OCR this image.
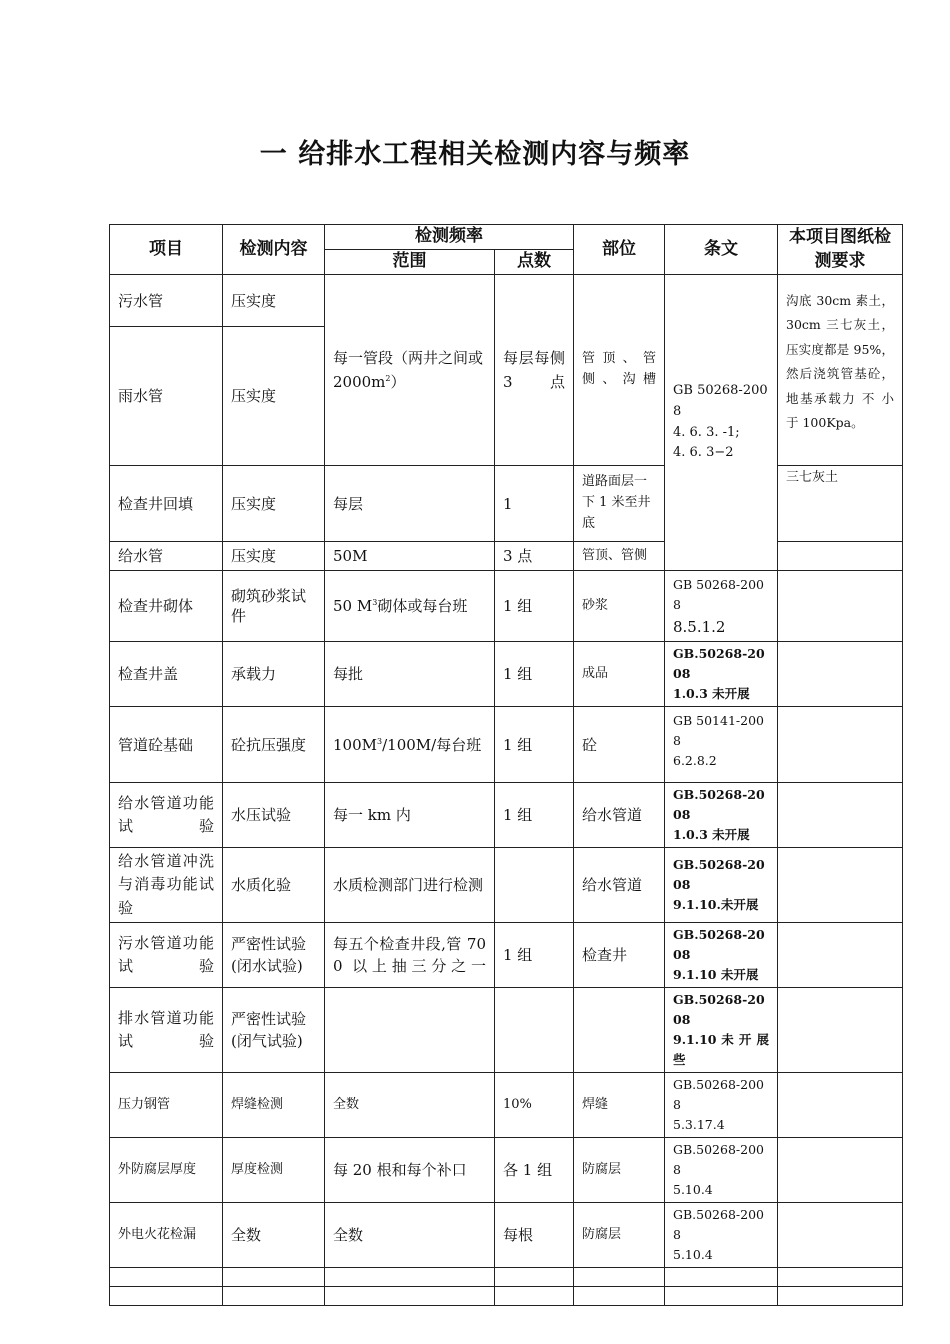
一 给排水工程相关检测内容与频率
项目	检测内容	检测频率		部位	条文	本项目图纸检测要求
		范围	点数			
污水管	压实度	每一管段（两井之间或 $2000m^2$）	每层每侧 3 点	管顶、管侧、沟槽	GB 50268-2008
4. 6. 3. -1;
4. 6. 3−2	沟底 30cm 素土，30cm 三七灰土，压实度都是 95%，然后浇筑管基砼，地基承载力 不 小 于 100Kpa。
雨水管	压实度					
检查井回填	压实度	每层	1	道路面层一下 1 米至井底		三七灰土
给水管	压实度	50M	3 点	管顶、管侧		
检查井砌体	砌筑砂浆试件	50 $M^3$砌体或每台班	1 组	砂浆	GB 50268-2008
8.5.1.2	

检查井盖	承载力	每批	1 组	成品	GB.50268-2008
1.0.3 未开展	

管道砼基础	砼抗压强度	$100M^3/100M/$每台班	1 组	砼	GB 50141-2008
6.2.8.2	

给水管道功能试验	水压试验	每一 km 内	1 组	给水管道	GB.50268-2008
1.0.3 未开展	

给水管道冲洗与消毒功能试验	水质化验	水质检测部门进行检测		给水管道	GB.50268-2008
9.1.10.未开展	

污水管道功能试验	严密性试验(闭水试验)	每五个检查井段,管 700 以上抽三分之一	1 组	检查井	GB.50268-2008
9.1.10 未开展	

排水管道功能试验	严密性试验(闭气试验)				GB.50268-2008
9.1.10 未 开 展 些	

压力钢管	焊缝检测	全数	10%	焊缝	GB.50268-2008
5.3.17.4	

外防腐层厚度	厚度检测	每 20 根和每个补口	各 1 组	防腐层	GB.50268-2008
5.10.4	

外电火花检漏	全数	全数	每根	防腐层	GB.50268-2008
5.10.4	
